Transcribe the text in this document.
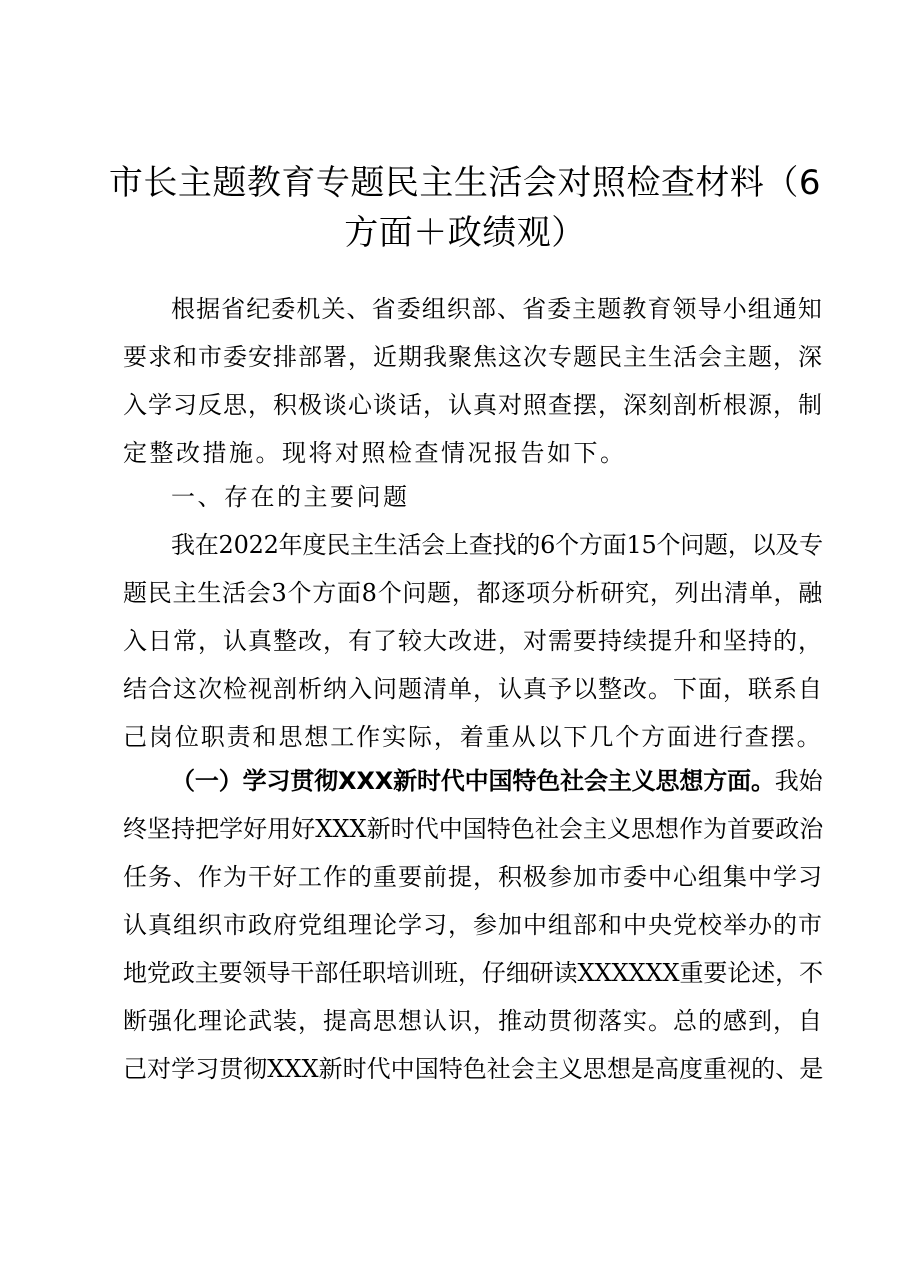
市长主题教育专题民主生活会对照检查材料（6
方面＋政绩观）
根据省纪委机关、省委组织部、省委主题教育领导小组通知
要求和市委安排部署，近期我聚焦这次专题民主生活会主题，深
入学习反思，积极谈心谈话，认真对照查摆，深刻剖析根源，制
定整改措施。现将对照检查情况报告如下。
一、存在的主要问题
我在2022年度民主生活会上查找的6个方面15个问题，以及专
题民主生活会3个方面8个问题，都逐项分析研究，列出清单，融
入日常，认真整改，有了较大改进，对需要持续提升和坚持的，
结合这次检视剖析纳入问题清单，认真予以整改。下面，联系自
己岗位职责和思想工作实际，着重从以下几个方面进行查摆。
（一）学习贯彻XXX新时代中国特色社会主义思想方面。我始
终坚持把学好用好XXX新时代中国特色社会主义思想作为首要政治
任务、作为干好工作的重要前提，积极参加市委中心组集中学习
认真组织市政府党组理论学习，参加中组部和中央党校举办的市
地党政主要领导干部任职培训班，仔细研读XXXXXX重要论述，不
断强化理论武装，提高思想认识，推动贯彻落实。总的感到，自
己对学习贯彻XXX新时代中国特色社会主义思想是高度重视的、是
